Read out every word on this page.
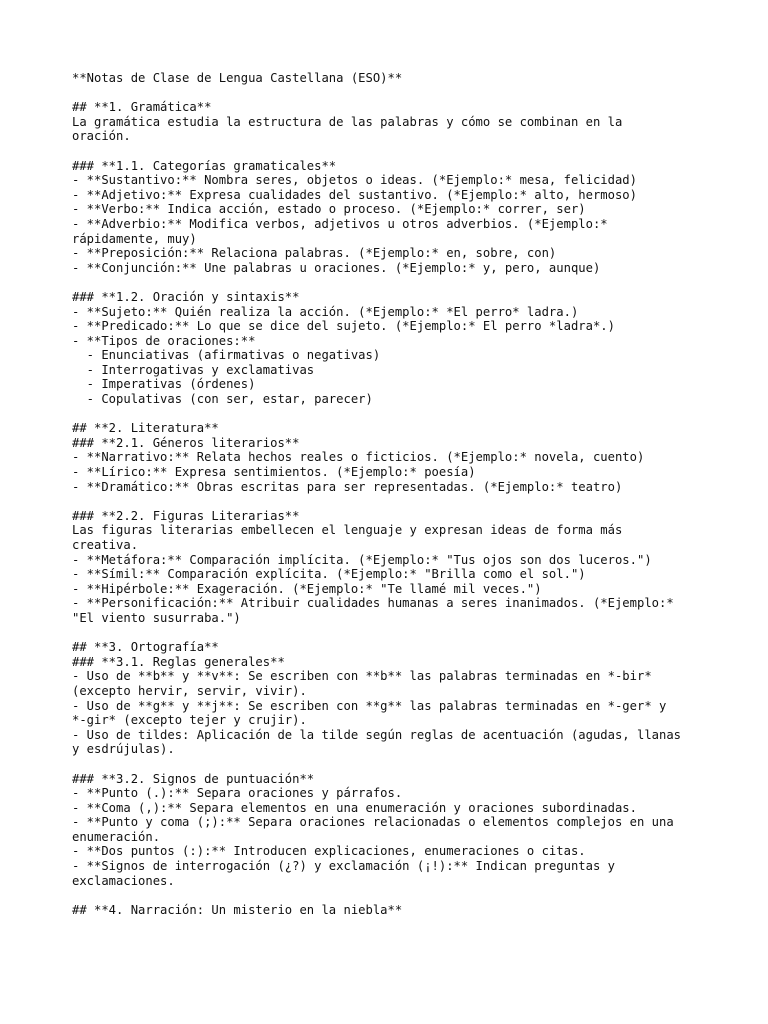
**Notas de Clase de Lengua Castellana (ESO)**
## **1. Gramática**
La gramática estudia la estructura de las palabras y cómo se combinan en la
oración.
### **1.1. Categorías gramaticales**
- **Sustantivo:** Nombra seres, objetos o ideas. (*Ejemplo:* mesa, felicidad)
- **Adjetivo:** Expresa cualidades del sustantivo. (*Ejemplo:* alto, hermoso)
- **Verbo:** Indica acción, estado o proceso. (*Ejemplo:* correr, ser)
- **Adverbio:** Modifica verbos, adjetivos u otros adverbios. (*Ejemplo:*
rápidamente, muy)
- **Preposición:** Relaciona palabras. (*Ejemplo:* en, sobre, con)
- **Conjunción:** Une palabras u oraciones. (*Ejemplo:* y, pero, aunque)
### **1.2. Oración y sintaxis**
- **Sujeto:** Quién realiza la acción. (*Ejemplo:* *El perro* ladra.)
- **Predicado:** Lo que se dice del sujeto. (*Ejemplo:* El perro *ladra*.)
- **Tipos de oraciones:**
- Enunciativas (afirmativas o negativas)
- Interrogativas y exclamativas
- Imperativas (órdenes)
- Copulativas (con ser, estar, parecer)
## **2. Literatura**
### **2.1. Géneros literarios**
- **Narrativo:** Relata hechos reales o ficticios. (*Ejemplo:* novela, cuento)
- **Lírico:** Expresa sentimientos. (*Ejemplo:* poesía)
- **Dramático:** Obras escritas para ser representadas. (*Ejemplo:* teatro)
### **2.2. Figuras Literarias**
Las figuras literarias embellecen el lenguaje y expresan ideas de forma más
creativa.
- **Metáfora:** Comparación implícita. (*Ejemplo:* "Tus ojos son dos luceros.")
- **Símil:** Comparación explícita. (*Ejemplo:* "Brilla como el sol.")
- **Hipérbole:** Exageración. (*Ejemplo:* "Te llamé mil veces.")
- **Personificación:** Atribuir cualidades humanas a seres inanimados. (*Ejemplo:*
"El viento susurraba.")
## **3. Ortografía**
### **3.1. Reglas generales**
- Uso de **b** y **v**: Se escriben con **b** las palabras terminadas en *-bir*
(excepto hervir, servir, vivir).
- Uso de **g** y **j**: Se escriben con **g** las palabras terminadas en *-ger* y
*-gir* (excepto tejer y crujir).
- Uso de tildes: Aplicación de la tilde según reglas de acentuación (agudas, llanas
y esdrújulas).
### **3.2. Signos de puntuación**
- **Punto (.):** Separa oraciones y párrafos.
- **Coma (,):** Separa elementos en una enumeración y oraciones subordinadas.
- **Punto y coma (;):** Separa oraciones relacionadas o elementos complejos en una
enumeración.
- **Dos puntos (:):** Introducen explicaciones, enumeraciones o citas.
- **Signos de interrogación (¿?) y exclamación (¡!):** Indican preguntas y
exclamaciones.
## **4. Narración: Un misterio en la niebla**
